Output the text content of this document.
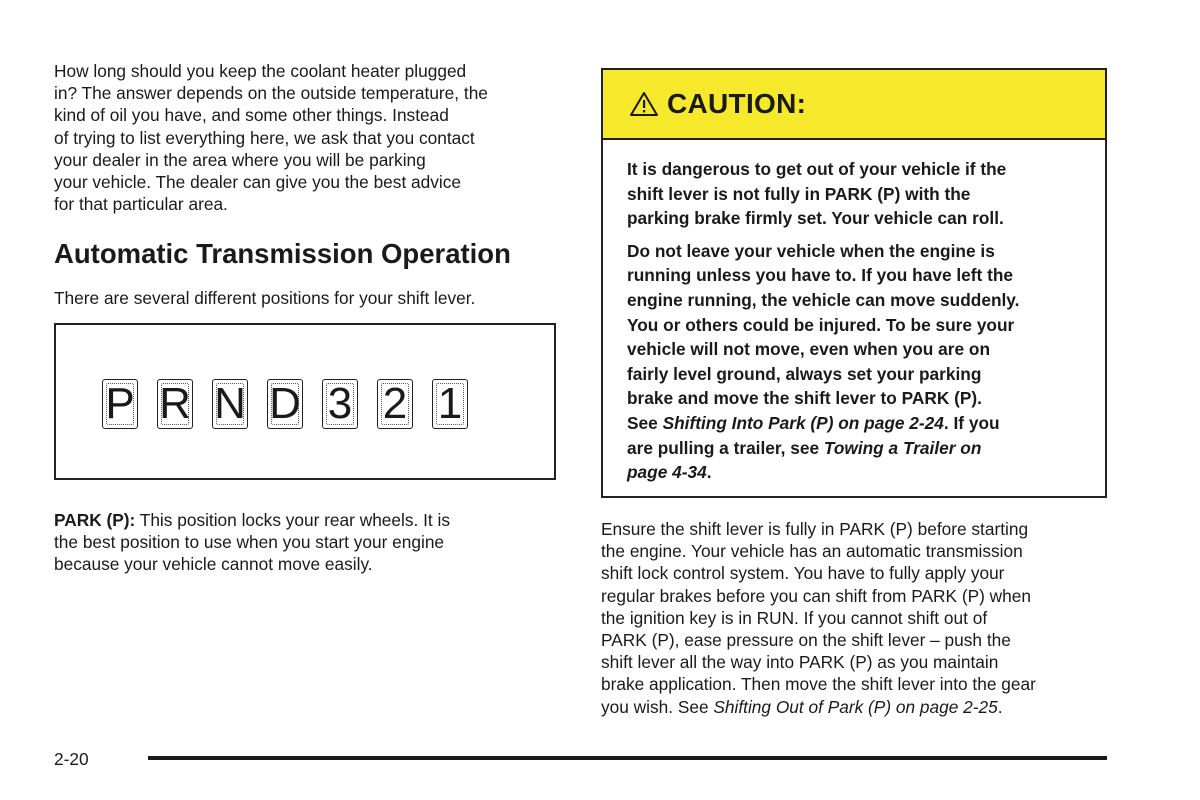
How long should you keep the coolant heater plugged
in? The answer depends on the outside temperature, the
kind of oil you have, and some other things. Instead
of trying to list everything here, we ask that you contact
your dealer in the area where you will be parking
your vehicle. The dealer can give you the best advice
for that particular area.

Automatic Transmission Operation

There are several different positions for your shift lever.

P R N D 3 2 1

PARK (P): This position locks your rear wheels. It is
the best position to use when you start your engine
because your vehicle cannot move easily.

CAUTION:

It is dangerous to get out of your vehicle if the
shift lever is not fully in PARK (P) with the
parking brake firmly set. Your vehicle can roll.

Do not leave your vehicle when the engine is
running unless you have to. If you have left the
engine running, the vehicle can move suddenly.
You or others could be injured. To be sure your
vehicle will not move, even when you are on
fairly level ground, always set your parking
brake and move the shift lever to PARK (P).
See Shifting Into Park (P) on page 2-24. If you
are pulling a trailer, see Towing a Trailer on
page 4-34.

Ensure the shift lever is fully in PARK (P) before starting
the engine. Your vehicle has an automatic transmission
shift lock control system. You have to fully apply your
regular brakes before you can shift from PARK (P) when
the ignition key is in RUN. If you cannot shift out of
PARK (P), ease pressure on the shift lever – push the
shift lever all the way into PARK (P) as you maintain
brake application. Then move the shift lever into the gear
you wish. See Shifting Out of Park (P) on page 2-25.

2-20
